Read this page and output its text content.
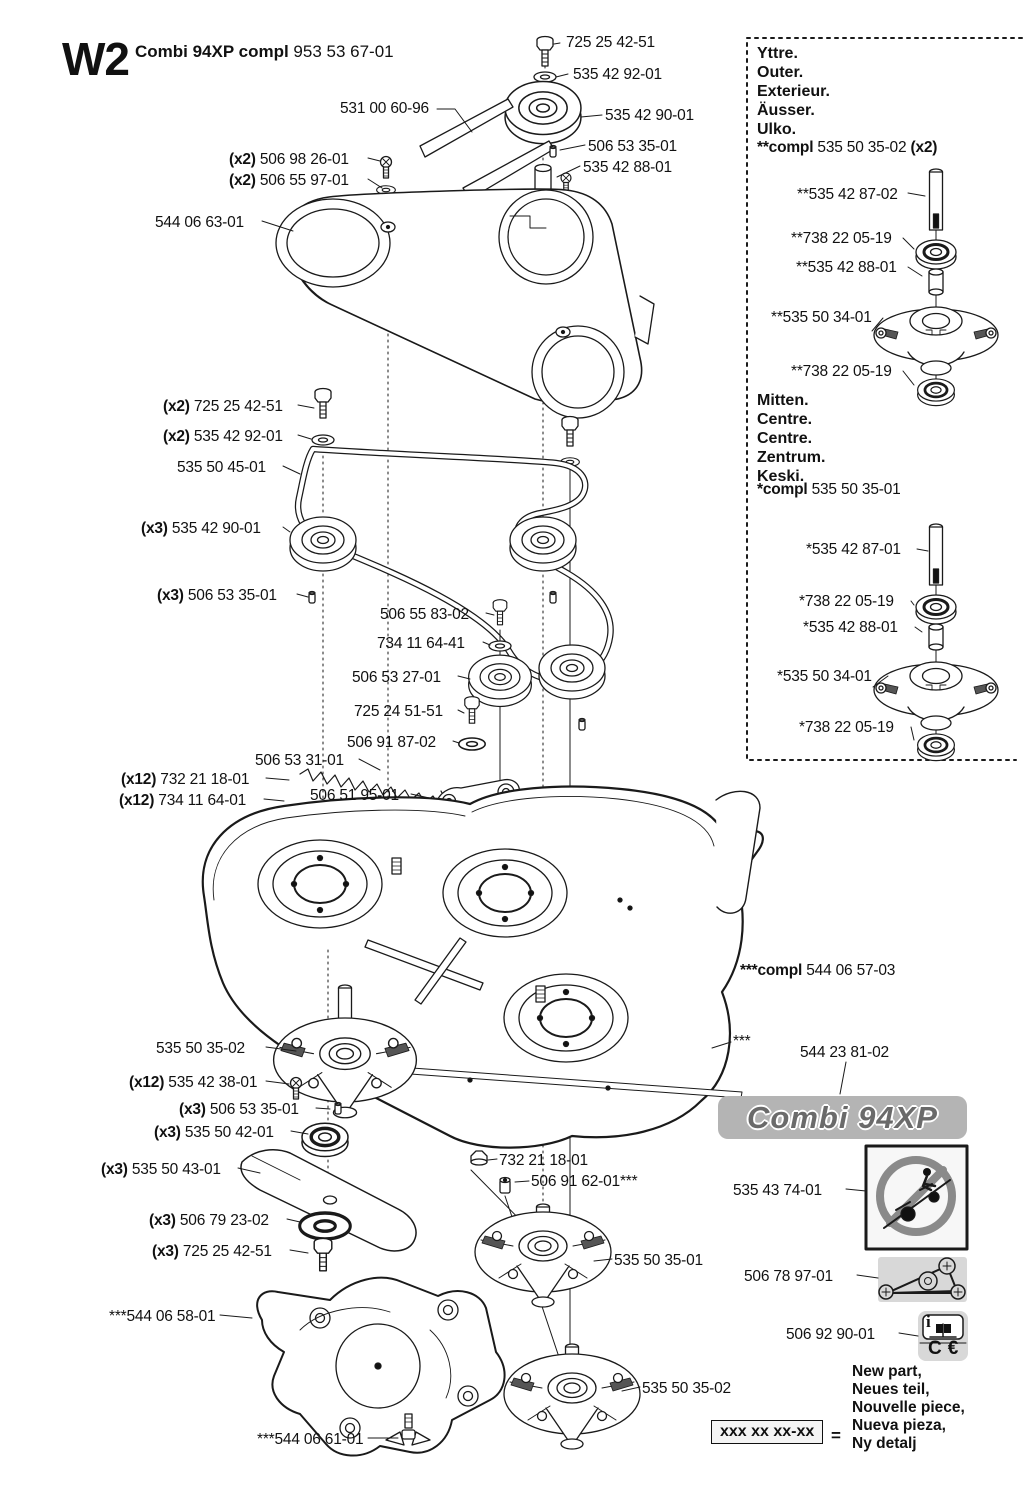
W2 Combi 94XP compl 953 53 67-01	725 25 42-51
535 42 92-01
531 00 60-96	535 42 90-01
506 53 35-01
535 42 88-01
(x2) 506 98 26-01
(x2) 506 55 97-01
544 06 63-01
(x2) 725 25 42-51
(x2) 535 42 92-01
535 50 45-01
(x3) 535 42 90-01
(x3) 506 53 35-01
506 55 83-02
734 11 64-41
506 53 27-01
725 24 51-51
506 91 87-02
506 53 31-01
(x12) 732 21 18-01
(x12) 734 11 64-01	506 51 95-01
***compl 544 06 57-03
***
544 23 81-02
535 50 35-02
(x12) 535 42 38-01
(x3) 506 53 35-01
(x3) 535 50 42-01
(x3) 535 50 43-01
(x3) 506 79 23-02
(x3) 725 25 42-51
***544 06 58-01
***544 06 61-01
732 21 18-01
506 91 62-01***
535 50 35-01
535 50 35-02
535 43 74-01
506 78 97-01
506 92 90-01
**compl 535 50 35-02 (x2)
**535 42 87-02
**738 22 05-19
**535 42 88-01
**535 50 34-01
**738 22 05-19
*compl 535 50 35-01
*535 42 87-01
*738 22 05-19
*535 42 88-01
*535 50 34-01
*738 22 05-19
Yttre.
Outer.
Exterieur.
Äusser.
Ulko.
Mitten.
Centre.
Centre.
Zentrum.
Keski.
Combi 94XP
C€
i
New part,
Neues teil,
Nouvelle piece,
Nueva pieza,
Ny detalj
xxx xx xx-xx =
